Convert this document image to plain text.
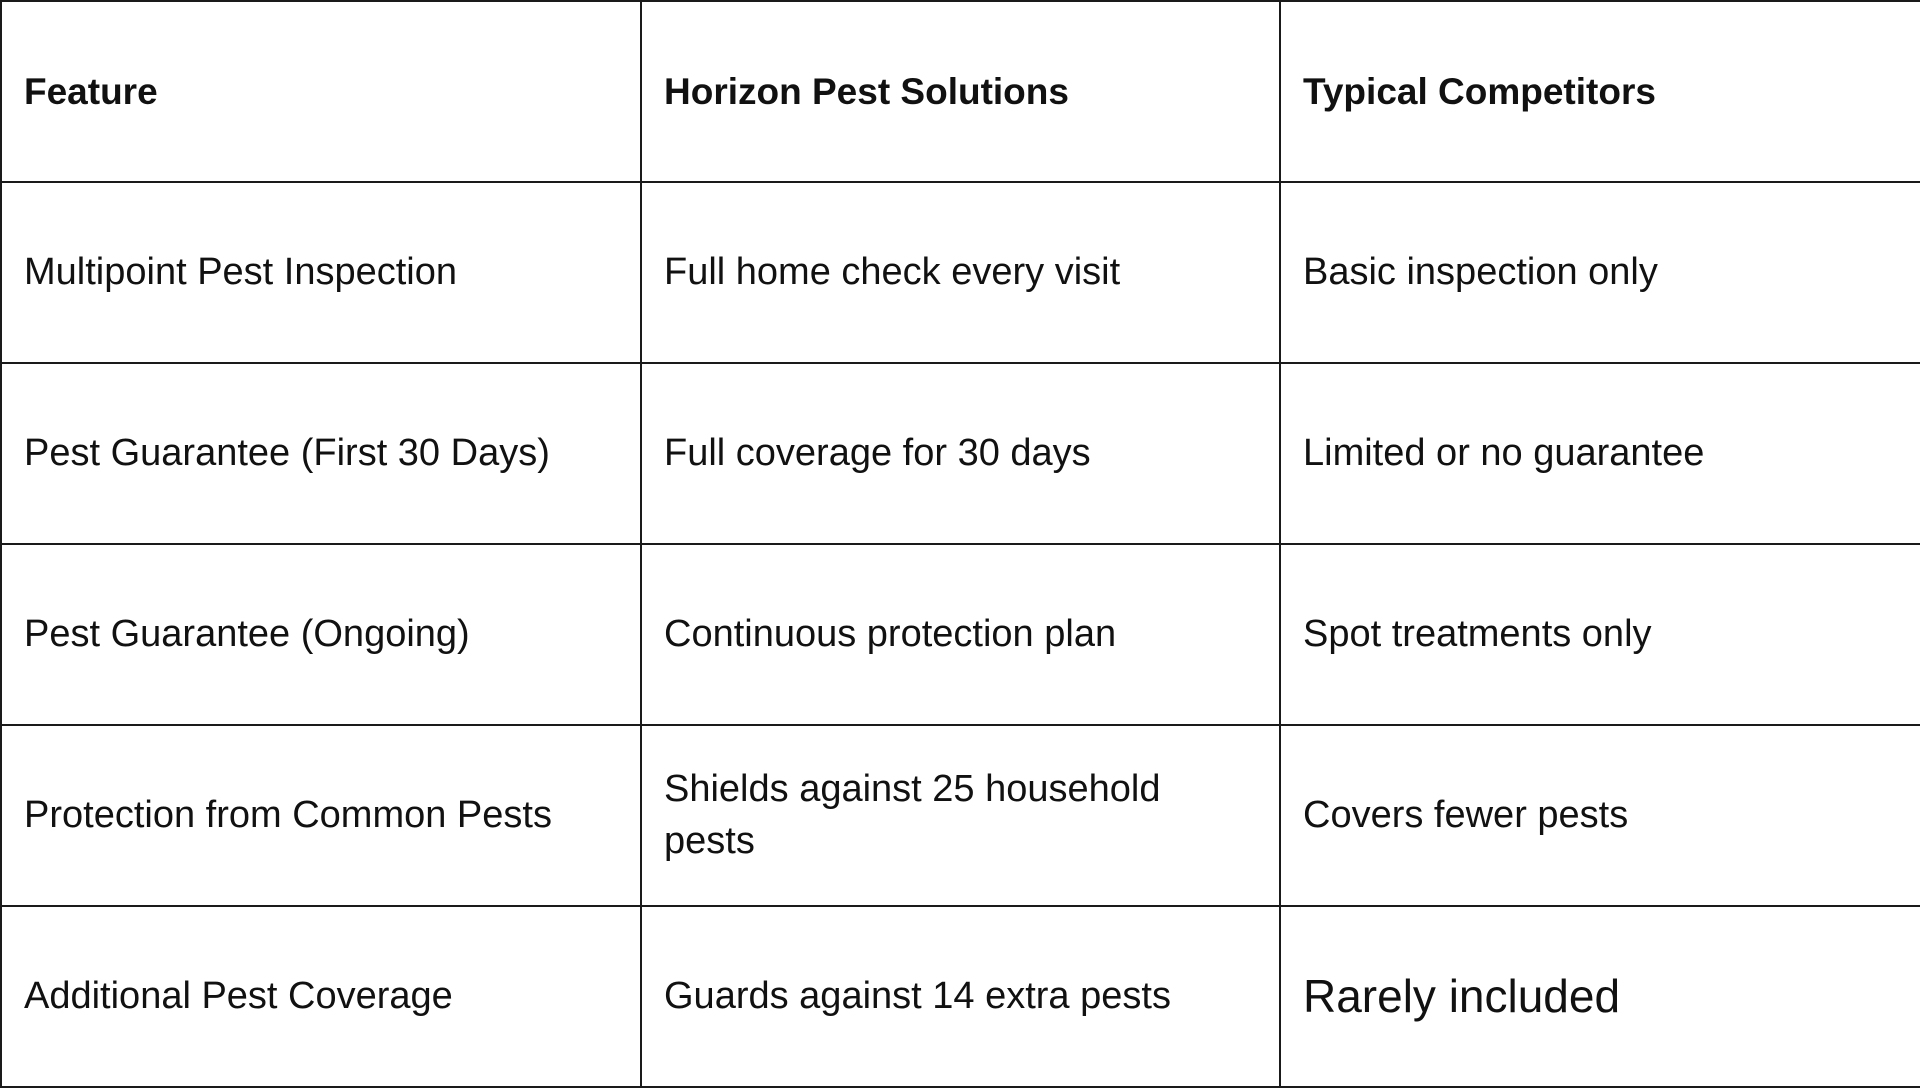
Feature	Horizon Pest Solutions	Typical Competitors
Multipoint Pest Inspection	Full home check every visit	Basic inspection only
Pest Guarantee (First 30 Days)	Full coverage for 30 days	Limited or no guarantee
Pest Guarantee (Ongoing)	Continuous protection plan	Spot treatments only
Protection from Common Pests	Shields against 25 household pests	Covers fewer pests
Additional Pest Coverage	Guards against 14 extra pests	Rarely included
